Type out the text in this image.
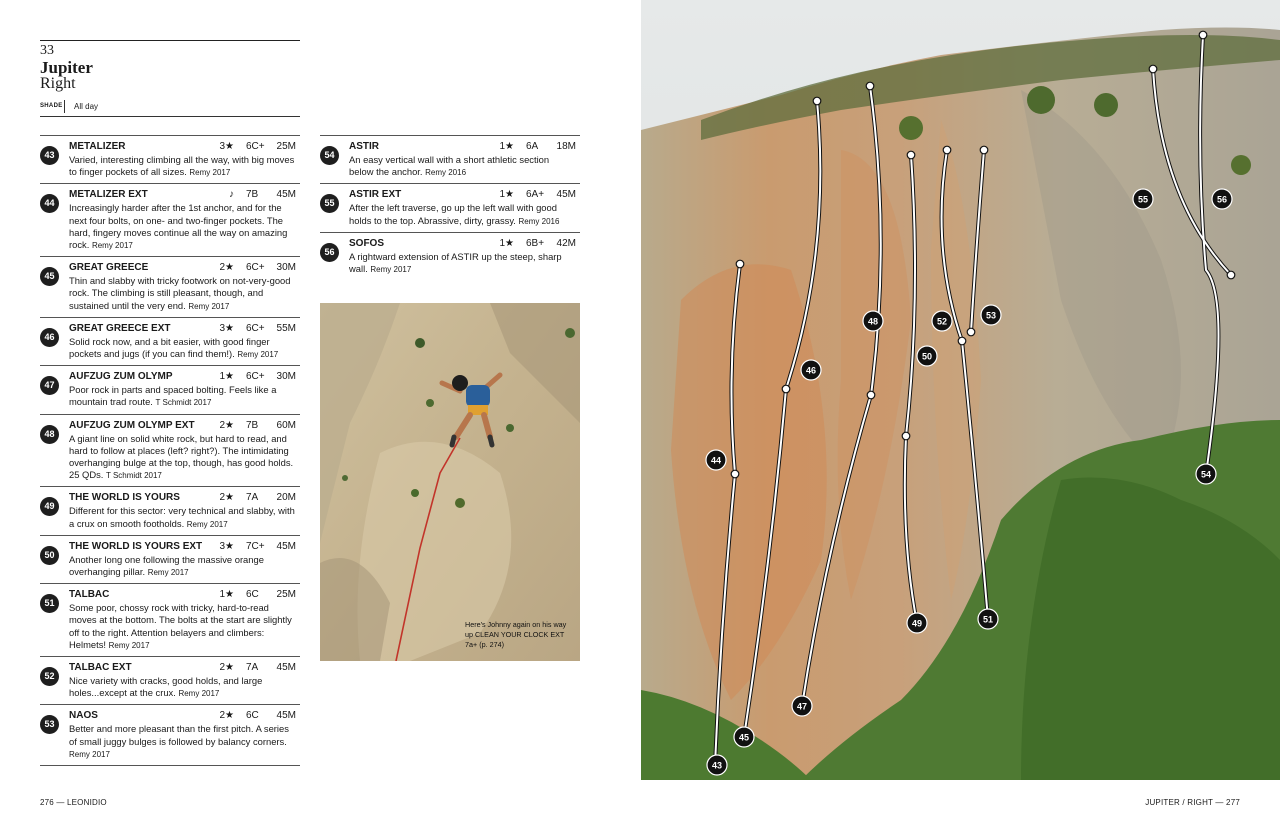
33
Jupiter
Right
SHADE All day
43
METALIZER	3★ 6C+ 25M
Varied, interesting climbing all the way, with big moves to finger pockets of all sizes. Remy 2017
44
METALIZER EXT	♪ 7B 45M
Increasingly harder after the 1st anchor, and for the next four bolts, on one- and two-finger pockets. The hard, fingery moves continue all the way on amazing rock. Remy 2017
45
GREAT GREECE	2★ 6C+ 30M
Thin and slabby with tricky footwork on not-very-good rock. The climbing is still pleasant, though, and sustained until the very end. Remy 2017
46
GREAT GREECE EXT	3★ 6C+ 55M
Solid rock now, and a bit easier, with good finger pockets and jugs (if you can find them!). Remy 2017
47
AUFZUG ZUM OLYMP	1★ 6C+ 30M
Poor rock in parts and spaced bolting. Feels like a mountain trad route. T Schmidt 2017
48
AUFZUG ZUM OLYMP EXT 2★ 7B 60M
A giant line on solid white rock, but hard to read, and hard to follow at places (left? right?). The intimidating overhanging bulge at the top, though, has good holds. 25 QDs. T Schmidt 2017
49
THE WORLD IS YOURS	2★ 7A 20M
Different for this sector: very technical and slabby, with a crux on smooth footholds. Remy 2017
50
THE WORLD IS YOURS EXT 3★ 7C+ 45M
Another long one following the massive orange overhanging pillar. Remy 2017
51
TALBAC	1★ 6C 25M
Some poor, chossy rock with tricky, hard-to-read moves at the bottom. The bolts at the start are slightly off to the right. Attention belayers and climbers: Helmets! Remy 2017
52
TALBAC EXT	2★ 7A 45M
Nice variety with cracks, good holds, and large holes...except at the crux. Remy 2017
53
NAOS	2★ 6C 45M
Better and more pleasant than the first pitch. A series of small juggy bulges is followed by balancy corners. Remy 2017
54
ASTIR	1★ 6A 18M
An easy vertical wall with a short athletic section below the anchor. Remy 2016
55
ASTIR EXT	1★ 6A+ 45M
After the left traverse, go up the left wall with good holds to the top. Abrassive, dirty, grassy. Remy 2016
56
SOFOS	1★ 6B+ 42M
A rightward extension of ASTIR up the steep, sharp wall. Remy 2017
Here's Johnny again on his way up CLEAN YOUR CLOCK EXT 7a+ (p. 274)
43
44
45
46
47
48
49
50
51
52
53
54
55	56
276 — LEONIDIO	JUPITER / RIGHT — 277
